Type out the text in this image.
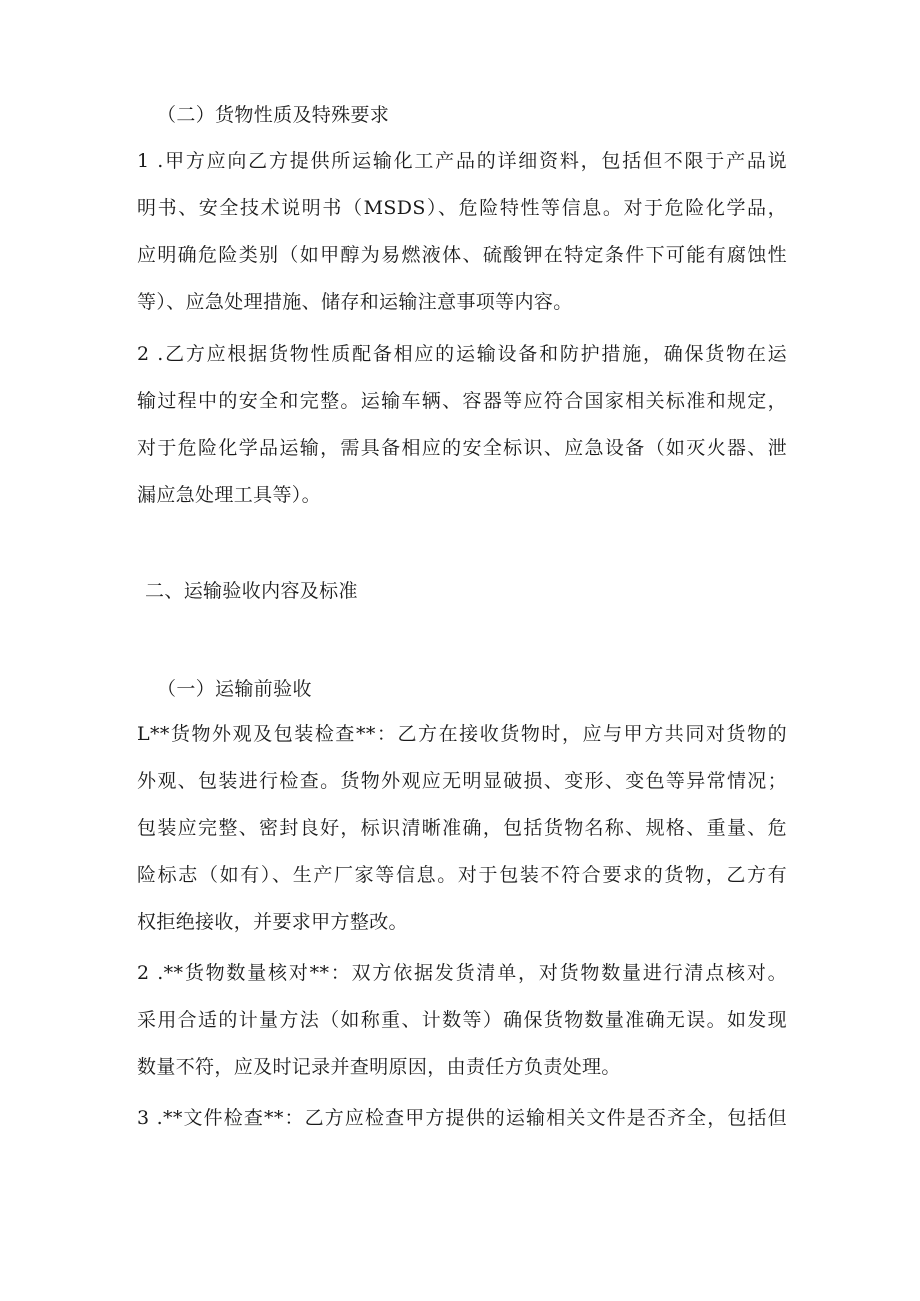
（二）货物性质及特殊要求
1 .甲方应向乙方提供所运输化工产品的详细资料，包括但不限于产品说
明书、安全技术说明书（MSDS）、危险特性等信息。对于危险化学品，
应明确危险类别（如甲醇为易燃液体、硫酸钾在特定条件下可能有腐蚀性
等）、应急处理措施、储存和运输注意事项等内容。
2 .乙方应根据货物性质配备相应的运输设备和防护措施，确保货物在运
输过程中的安全和完整。运输车辆、容器等应符合国家相关标准和规定，
对于危险化学品运输，需具备相应的安全标识、应急设备（如灭火器、泄
漏应急处理工具等）。
二、运输验收内容及标准
（一）运输前验收
L**货物外观及包装检查**：乙方在接收货物时，应与甲方共同对货物的
外观、包装进行检查。货物外观应无明显破损、变形、变色等异常情况；
包装应完整、密封良好，标识清晰准确，包括货物名称、规格、重量、危
险标志（如有）、生产厂家等信息。对于包装不符合要求的货物，乙方有
权拒绝接收，并要求甲方整改。
2 .**货物数量核对**：双方依据发货清单，对货物数量进行清点核对。
采用合适的计量方法（如称重、计数等）确保货物数量准确无误。如发现
数量不符，应及时记录并查明原因，由责任方负责处理。
3 .**文件检查**：乙方应检查甲方提供的运输相关文件是否齐全，包括但
